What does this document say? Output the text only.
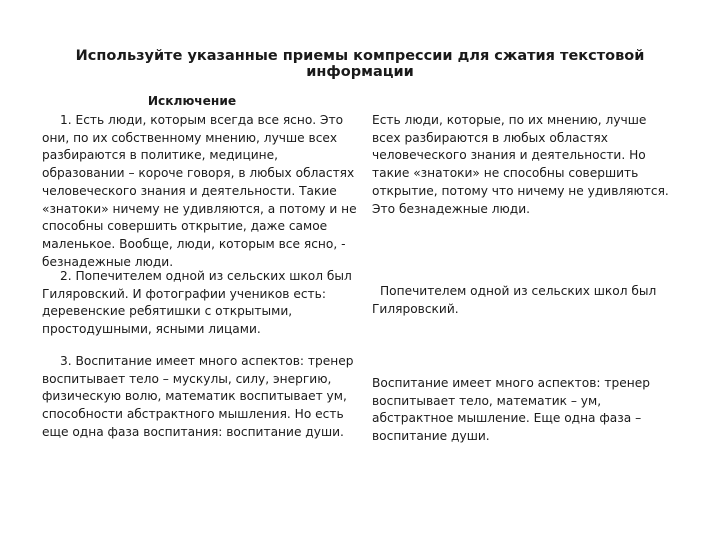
Используйте указанные приемы компрессии для сжатия текстовой информации
Исключение

1. Есть люди, которым всегда все ясно. Это они, по их собственному мнению, лучше всех разбираются в политике, медицине, образовании – короче говоря, в любых областях человеческого знания и деятельности. Такие «знатоки» ничему не удивляются, а потому и не способны совершить открытие, даже самое маленькое. Вообще, люди, которым все ясно, - безнадежные люди.

2. Попечителем одной из сельских школ был Гиляровский. И фотографии учеников есть: деревенские ребятишки с открытыми, простодушными, ясными лицами.

3. Воспитание имеет много аспектов: тренер воспитывает тело – мускулы, силу, энергию, физическую волю, математик воспитывает ум, способности абстрактного мышления. Но есть еще одна фаза воспитания: воспитание души.

Есть люди, которые, по их мнению, лучше всех разбираются в любых областях человеческого знания и деятельности. Но такие «знатоки» не способны совершить открытие, потому что ничему не удивляются. Это безнадежные люди.

Попечителем одной из сельских школ был Гиляровский.

Воспитание имеет много аспектов: тренер воспитывает тело, математик – ум, абстрактное мышление. Еще одна фаза – воспитание души.
